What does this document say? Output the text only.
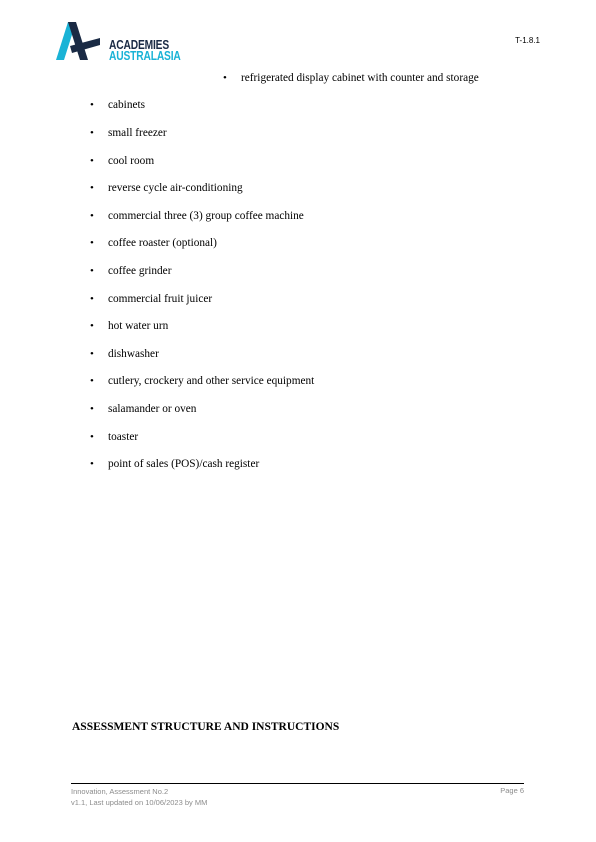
ACADEMIES
AUSTRALASIA
T-1.8.1
• refrigerated display cabinet with counter and storage
• cabinets
• small freezer
• cool room
• reverse cycle air-conditioning
• commercial three (3) group coffee machine
• coffee roaster (optional)
• coffee grinder
• commercial fruit juicer
• hot water urn
• dishwasher
• cutlery, crockery and other service equipment
• salamander or oven
• toaster
• point of sales (POS)/cash register
ASSESSMENT STRUCTURE AND INSTRUCTIONS
Innovation, Assessment No.2
v1.1, Last updated on 10/06/2023 by MM
Page 6
